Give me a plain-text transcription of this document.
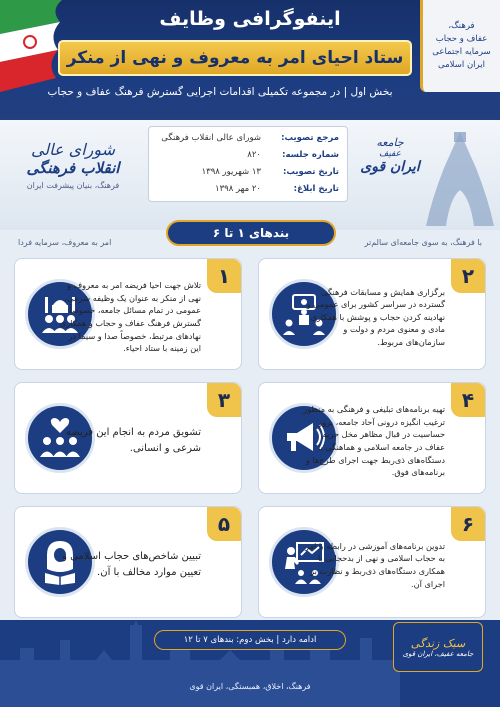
اینفوگرافی وظایف
ستاد احیای امر به معروف و نهی از منکر
بخش اول | در مجموعه تکمیلی اقدامات اجرایی گسترش فرهنگ عفاف و حجاب
فرهنگ،
عفاف و حجاب
سرمایه اجتماعی
ایران اسلامی
شورای عالی
انقلاب فرهنگی
فرهنگ، بنیان پیشرفت ایران
مرجع تصویب:
شورای عالی انقلاب فرهنگی
شماره جلسه:
۸۲۰
تاریخ تصویب:
۱۳ شهریور ۱۳۹۸
تاریخ ابلاغ:
۲۰ مهر ۱۳۹۸
جامعه
عفیف
ایران قوی
امر به معروف، سرمایه فردا	با فرهنگ، به سوی جامعه‌ای سالم‌تر
بندهای ۱ تا ۶
۱
تلاش جهت احیا فریضه امر به معروف و نهی از منکر به عنوان یک وظیفه شرعی، عمومی در تمام مسائل جامعه، خصوصاً گسترش فرهنگ عفاف و حجاب و همکاری نهادهای مرتبط، خصوصاً صدا و سیما در این زمینه با ستاد احیاء.
۲
برگزاری همایش و مسابقات فرهنگی گسترده در سراسر کشور برای عمومی و نهادینه کردن حجاب و پوشش با همکاری مادی و معنوی مردم و دولت و سازمان‌های مربوط.
۳
تشویق مردم به انجام این فریضه شرعی و انسانی.
۴
تهیه برنامه‌های تبلیغی و فرهنگی به منظور ترغیب انگیزه درونی آحاد جامعه، بروز حساسیت در قبال مظاهر مخل حریم عفاف در جامعه اسلامی و هماهنگی با دستگاه‌های ذی‌ربط جهت اجرای طرح‌ها و برنامه‌های فوق.
۵
تبیین شاخص‌های حجاب اسلامی و تعیین موارد مخالف با آن.
۶
تدوین برنامه‌های آموزشی در رابطه با امر به حجاب اسلامی و نهی از بدحجابی با همکاری دستگاه‌های ذی‌ربط و نظارت بر اجرای آن.
ادامه دارد | بخش دوم: بندهای ۷ تا ۱۲	سبک زندگی
جامعه عفیف، ایران قوی
فرهنگ، اخلاق، همبستگی، ایران قوی
